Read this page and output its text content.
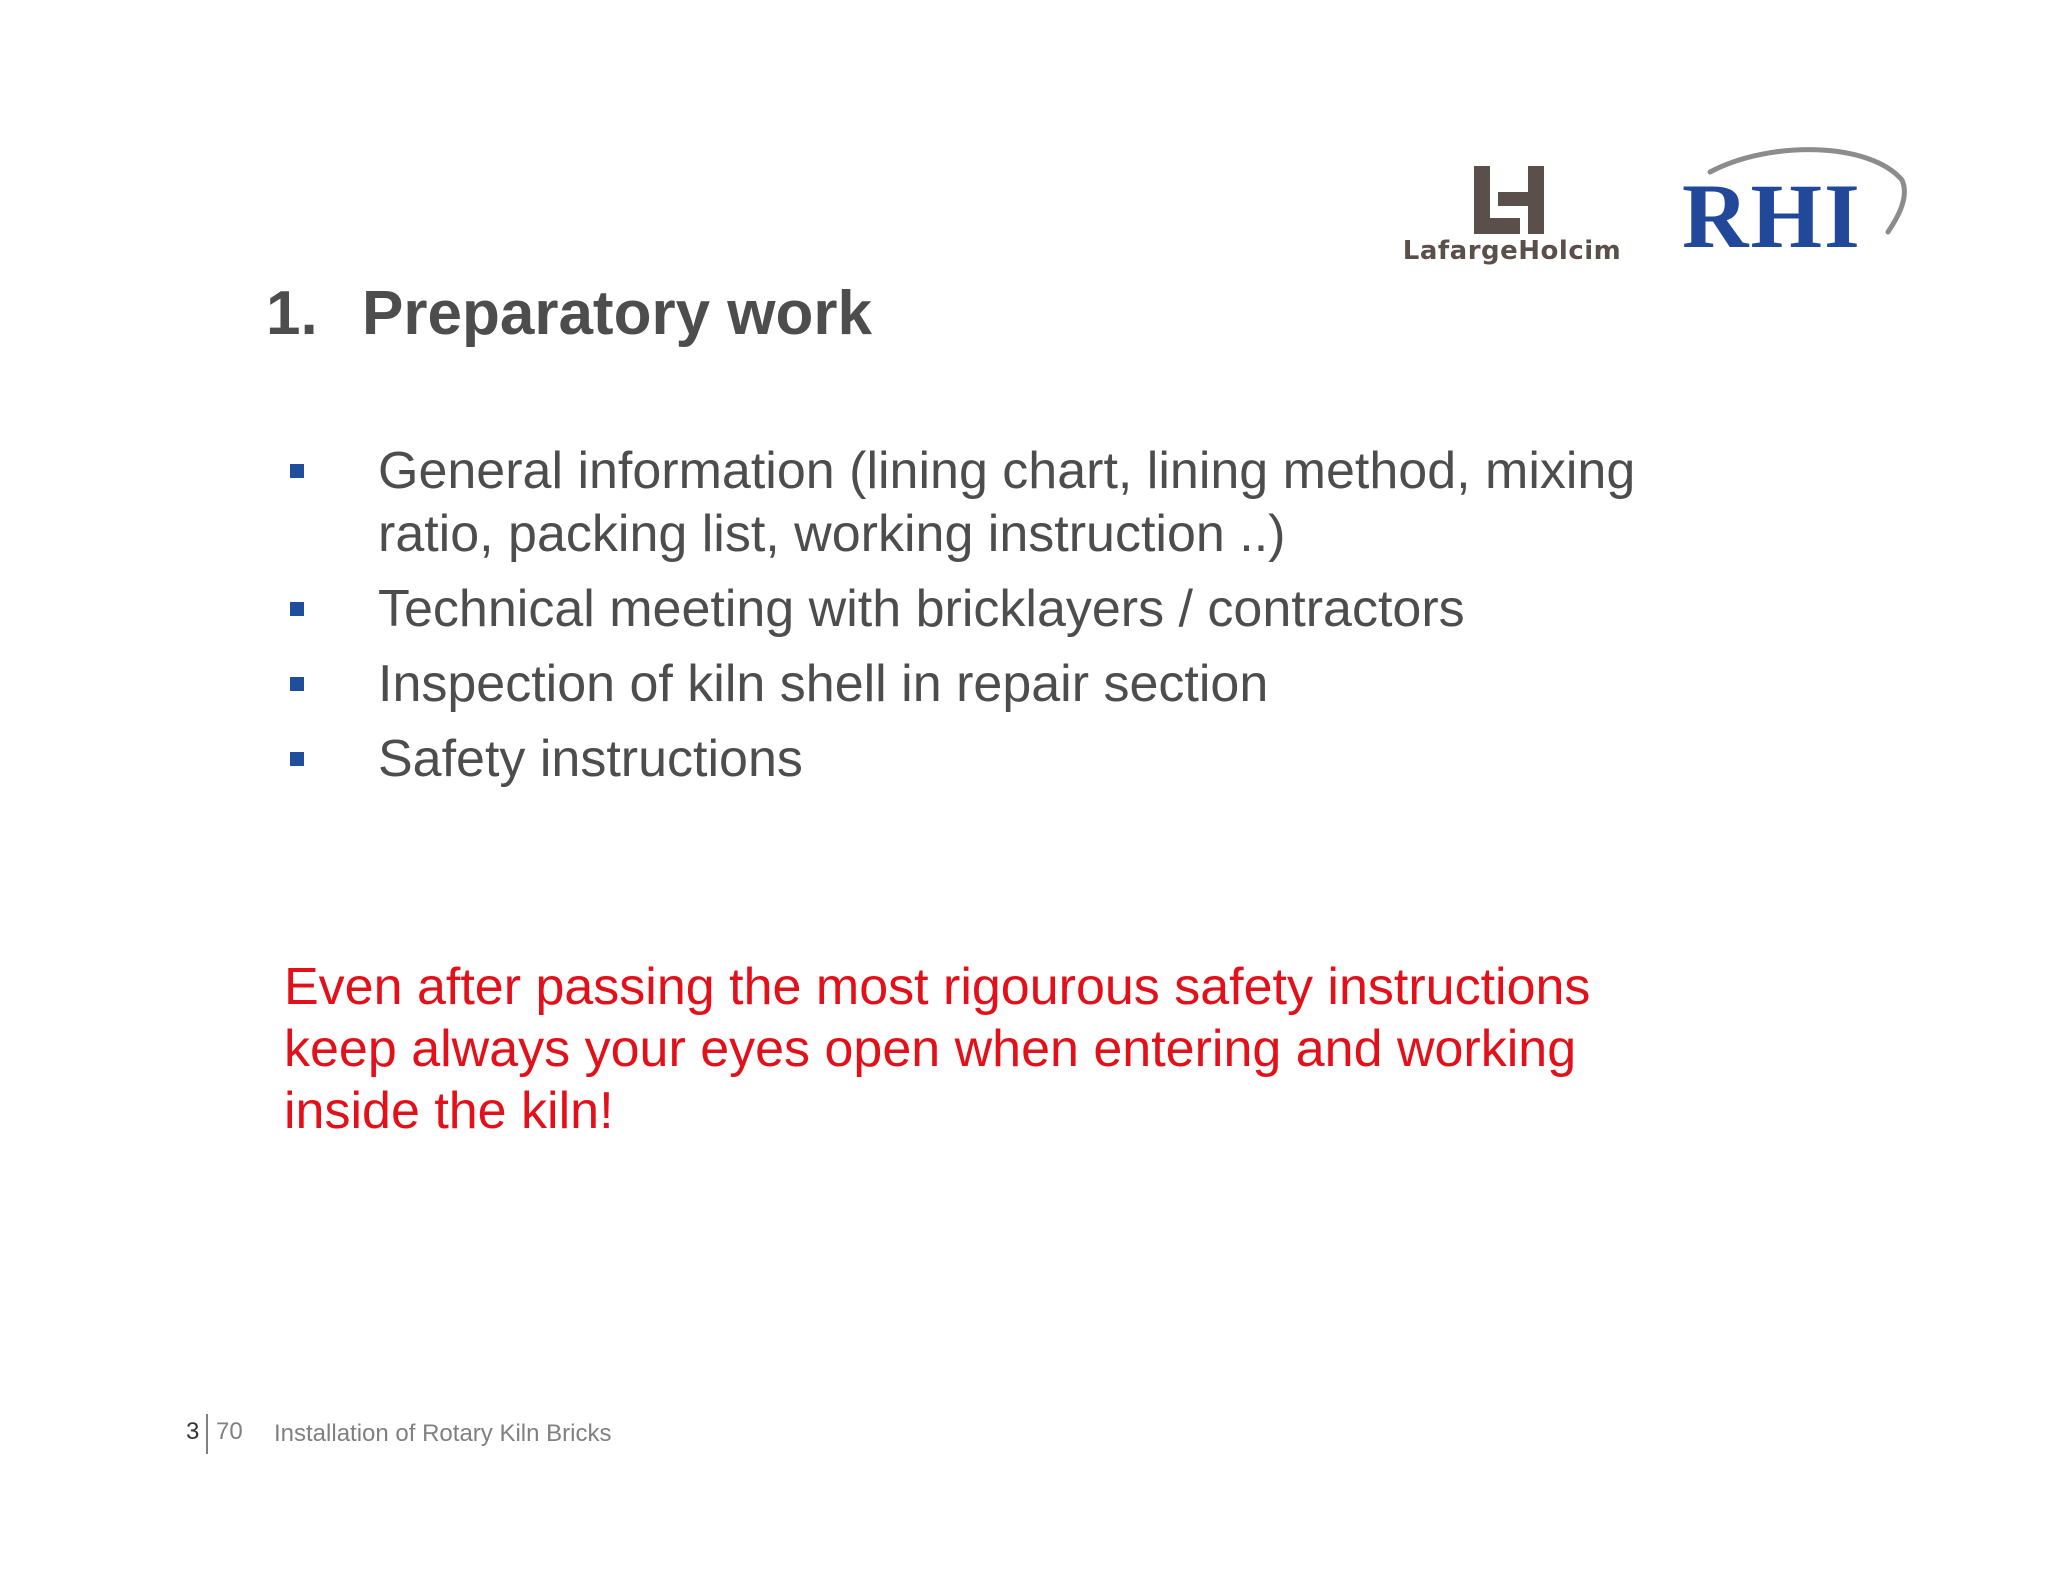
LafargeHolcim RHI
1. Preparatory work
General information (lining chart, lining method, mixing ratio, packing list, working instruction ..)
Technical meeting with bricklayers / contractors
Inspection of kiln shell in repair section
Safety instructions
Even after passing the most rigourous safety instructions keep always your eyes open when entering and working inside the kiln!
3 70 Installation of Rotary Kiln Bricks
